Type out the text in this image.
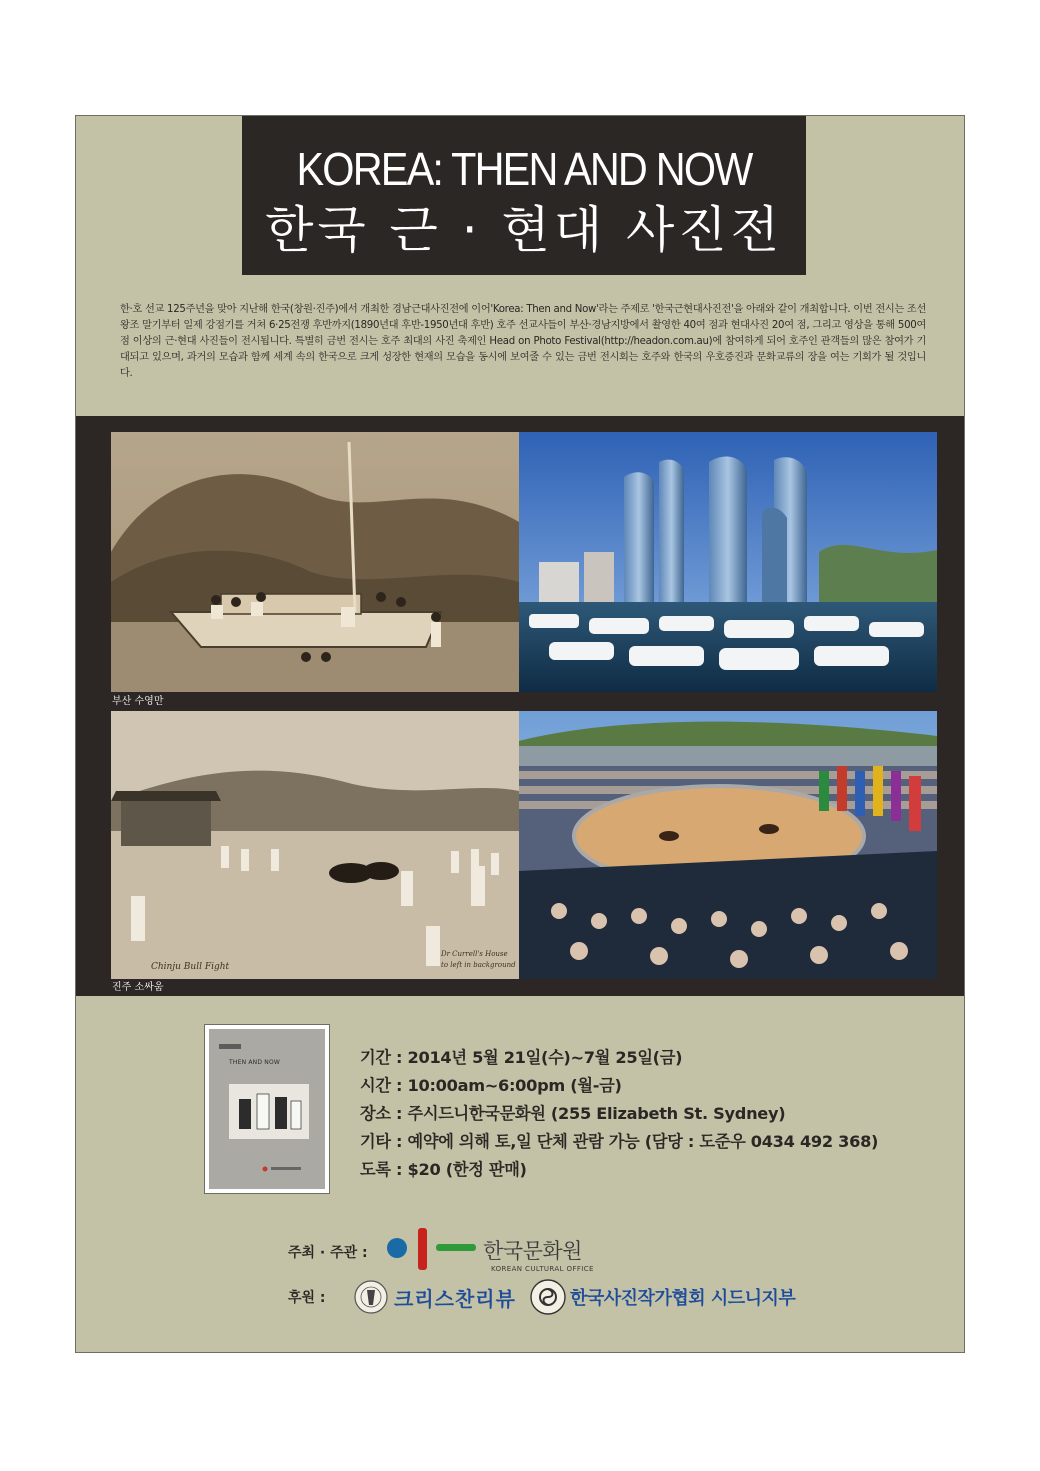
KOREA: THEN AND NOW
한국 근 · 현대 사진전
한·호 선교 125주년을 맞아 지난해 한국(창원·진주)에서 개최한 경남근대사진전에 이어'Korea: Then and Now'라는 주제로 '한국근현대사진전'을 아래와 같이 개최합니다. 이번 전시는 조선왕조 말기부터 일제 강점기를 거쳐 6·25전쟁 후반까지(1890년대 후반-1950년대 후반) 호주 선교사들이 부산·경남지방에서 촬영한 40여 점과 현대사진 20여 점, 그리고 영상을 통해 500여 점 이상의 근·현대 사진들이 전시됩니다. 특별히 금번 전시는 호주 최대의 사진 축제인 Head on Photo Festival(http://headon.com.au)에 참여하게 되어 호주인 관객들의 많은 참여가 기대되고 있으며, 과거의 모습과 함께 세계 속의 한국으로 크게 성장한 현재의 모습을 동시에 보여줄 수 있는 금번 전시회는 호주와 한국의 우호증진과 문화교류의 장을 여는 기회가 될 것입니다.
부산 수영만
Chinju Bull Fight
Dr Currell's House
to left in background
진주 소싸움
THEN AND NOW	기간 : 2014년 5월 21일(수)~7월 25일(금)
시간 : 10:00am~6:00pm (월-금)
장소 : 주시드니한국문화원 (255 Elizabeth St. Sydney)
기타 : 예약에 의해 토,일 단체 관람 가능 (담당 : 도준우 0434 492 368)
도록 : $20 (한정 판매)
주최 · 주관 :	한국문화원
KOREAN CULTURAL OFFICE
후원 :	크리스찬리뷰	한국사진작가협회 시드니지부
